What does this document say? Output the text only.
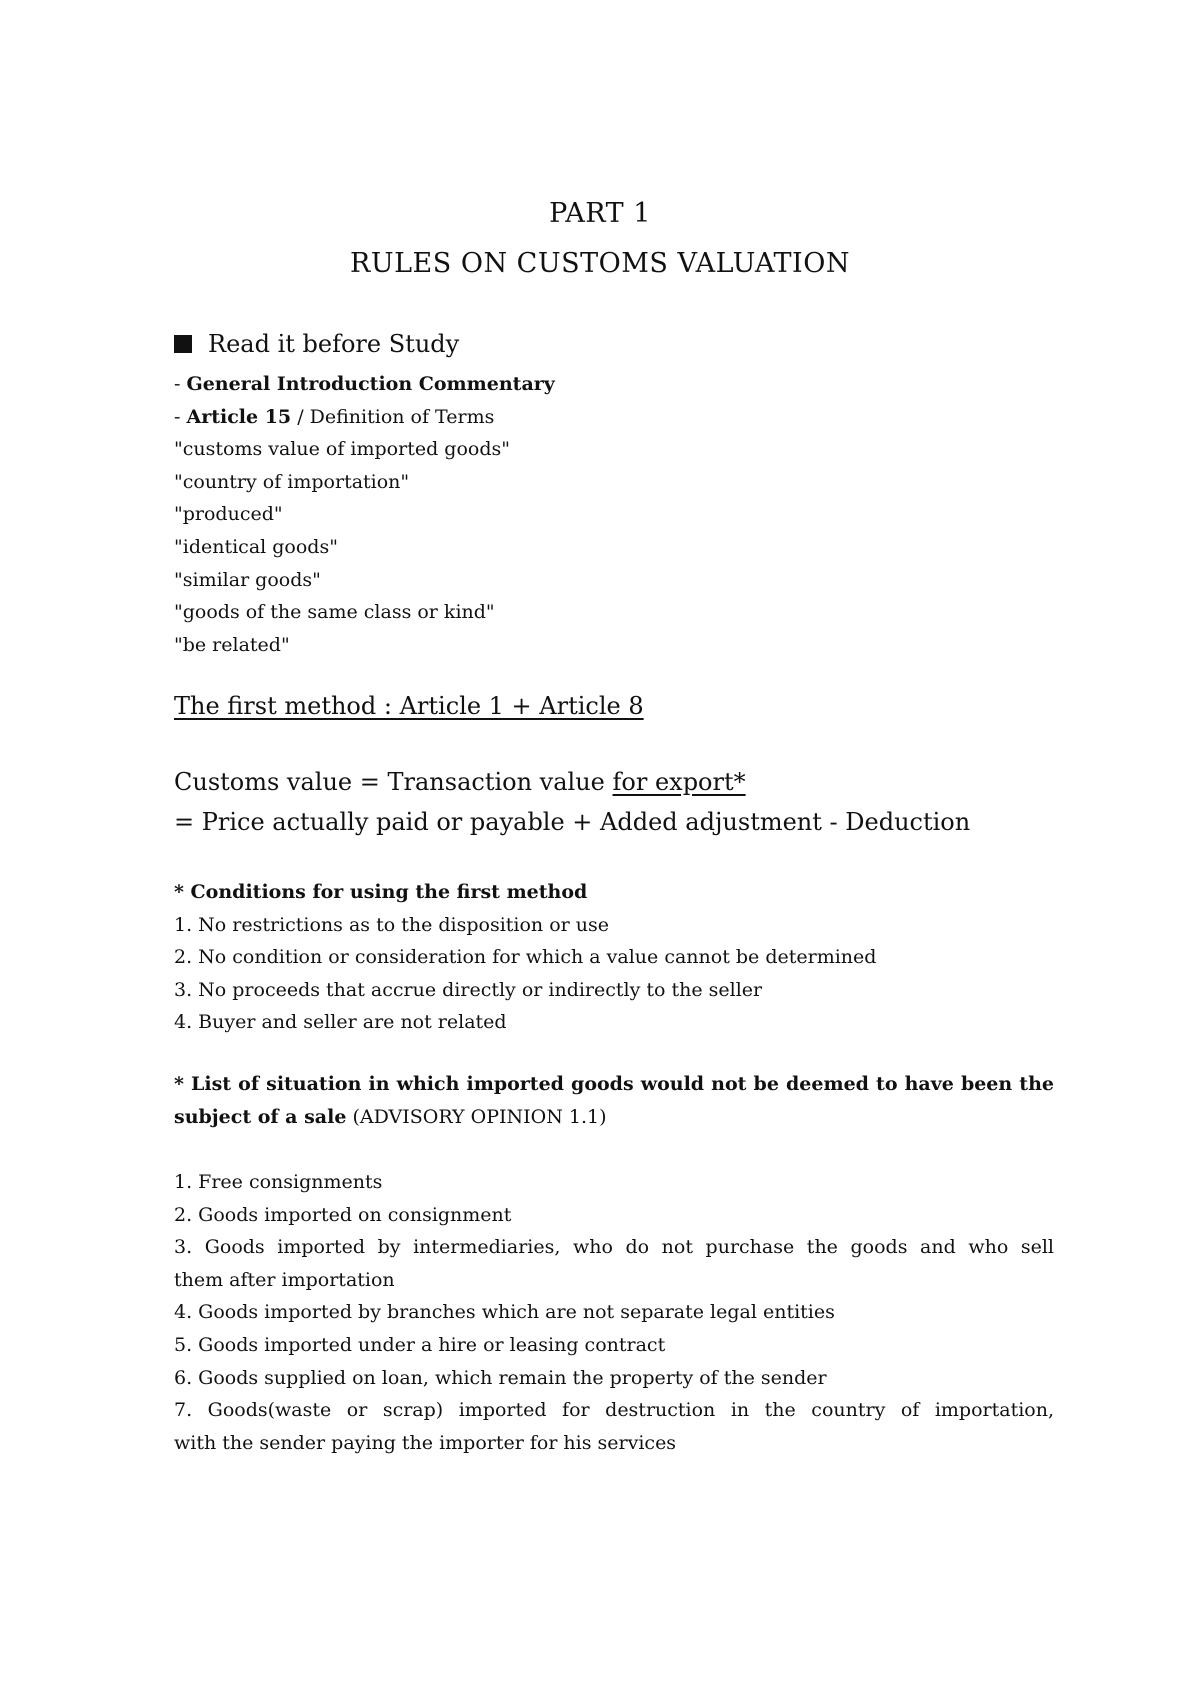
PART 1
RULES ON CUSTOMS VALUATION
Read it before Study
- General Introduction Commentary
- Article 15 / Definition of Terms
"customs value of imported goods"
"country of importation"
"produced"
"identical goods"
"similar goods"
"goods of the same class or kind"
"be related"
The first method : Article 1 + Article 8
Customs value = Transaction value for export*
= Price actually paid or payable + Added adjustment - Deduction
* Conditions for using the first method
1. No restrictions as to the disposition or use
2. No condition or consideration for which a value cannot be determined
3. No proceeds that accrue directly or indirectly to the seller
4. Buyer and seller are not related
* List of situation in which imported goods would not be deemed to have been the
subject of a sale (ADVISORY OPINION 1.1)
1. Free consignments
2. Goods imported on consignment
3. Goods imported by intermediaries, who do not purchase the goods and who sell
them after importation
4. Goods imported by branches which are not separate legal entities
5. Goods imported under a hire or leasing contract
6. Goods supplied on loan, which remain the property of the sender
7. Goods(waste or scrap) imported for destruction in the country of importation,
with the sender paying the importer for his services
